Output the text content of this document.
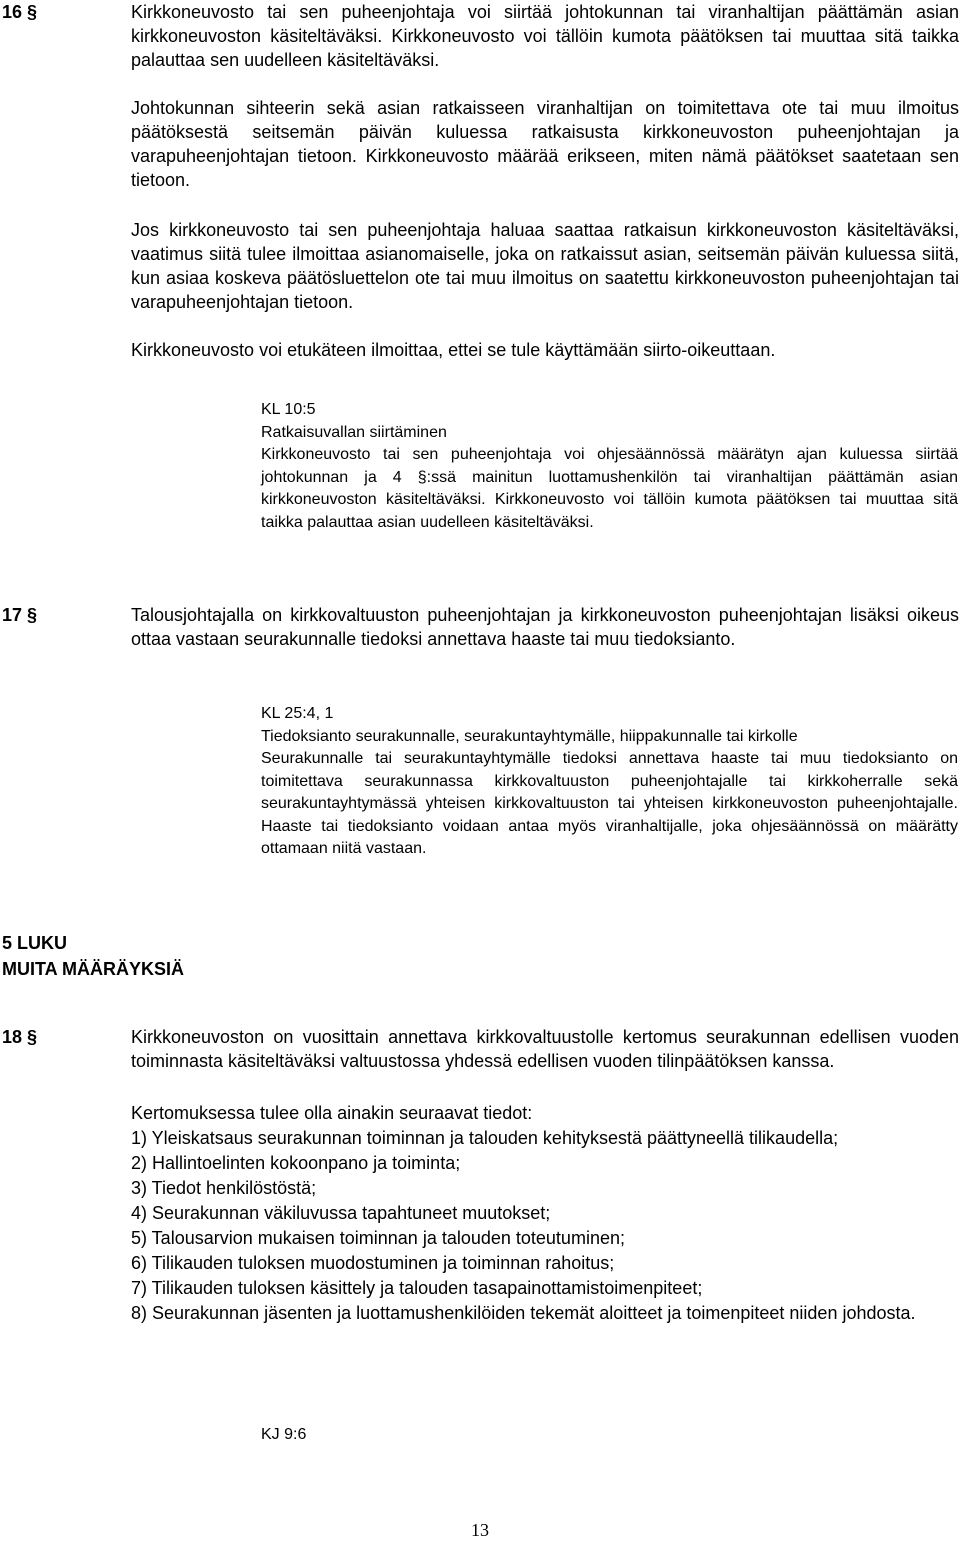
16 §	Kirkkoneuvosto tai sen puheenjohtaja voi siirtää johtokunnan tai viranhaltijan päättämän asian kirkkoneuvoston käsiteltäväksi. Kirkkoneuvosto voi tällöin kumota päätöksen tai muuttaa sitä taikka palauttaa sen uudelleen käsiteltäväksi.

Johtokunnan sihteerin sekä asian ratkaisseen viranhaltijan on toimitettava ote tai muu ilmoitus päätöksestä seitsemän päivän kuluessa ratkaisusta kirkkoneuvoston puheenjohtajan ja varapuheenjohtajan tietoon. Kirkkoneuvosto määrää erikseen, miten nämä päätökset saatetaan sen tietoon.

Jos kirkkoneuvosto tai sen puheenjohtaja haluaa saattaa ratkaisun kirkkoneuvoston käsiteltäväksi, vaatimus siitä tulee ilmoittaa asianomaiselle, joka on ratkaissut asian, seitsemän päivän kuluessa siitä, kun asiaa koskeva päätösluettelon ote tai muu ilmoitus on saatettu kirkkoneuvoston puheenjohtajan tai varapuheenjohtajan tietoon.

Kirkkoneuvosto voi etukäteen ilmoittaa, ettei se tule käyttämään siirto-oikeuttaan.

KL 10:5

Ratkaisuvallan siirtäminen

Kirkkoneuvosto tai sen puheenjohtaja voi ohjesäännössä määrätyn ajan kuluessa siirtää johtokunnan ja 4 §:ssä mainitun luottamushenkilön tai viranhaltijan päättämän asian kirkkoneuvoston käsiteltäväksi. Kirkkoneuvosto voi tällöin kumota päätöksen tai muuttaa sitä taikka palauttaa asian uudelleen käsiteltäväksi.

17 §	Talousjohtajalla on kirkkovaltuuston puheenjohtajan ja kirkkoneuvoston puheenjohtajan lisäksi oikeus ottaa vastaan seurakunnalle tiedoksi annettava haaste tai muu tiedoksianto.

KL 25:4, 1

Tiedoksianto seurakunnalle, seurakuntayhtymälle, hiippakunnalle tai kirkolle

Seurakunnalle tai seurakuntayhtymälle tiedoksi annettava haaste tai muu tiedoksianto on toimitettava seurakunnassa kirkkovaltuuston puheenjohtajalle tai kirkkoherralle sekä seurakuntayhtymässä yhteisen kirkkovaltuuston tai yhteisen kirkkoneuvoston puheenjohtajalle. Haaste tai tiedoksianto voidaan antaa myös viranhaltijalle, joka ohjesäännössä on määrätty ottamaan niitä vastaan.

5 LUKU
MUITA MÄÄRÄYKSIÄ
18 §	Kirkkoneuvoston on vuosittain annettava kirkkovaltuustolle kertomus seurakunnan edellisen vuoden toiminnasta käsiteltäväksi valtuustossa yhdessä edellisen vuoden tilinpäätöksen kanssa.

Kertomuksessa tulee olla ainakin seuraavat tiedot:

1) Yleiskatsaus seurakunnan toiminnan ja talouden kehityksestä päättyneellä tilikaudella;
2) Hallintoelinten kokoonpano ja toiminta;
3) Tiedot henkilöstöstä;
4) Seurakunnan väkiluvussa tapahtuneet muutokset;
5) Talousarvion mukaisen toiminnan ja talouden toteutuminen;
6) Tilikauden tuloksen muodostuminen ja toiminnan rahoitus;
7) Tilikauden tuloksen käsittely ja talouden tasapainottamistoimenpiteet;
8) Seurakunnan jäsenten ja luottamushenkilöiden tekemät aloitteet ja toimenpiteet niiden johdosta.
KJ 9:6
13
